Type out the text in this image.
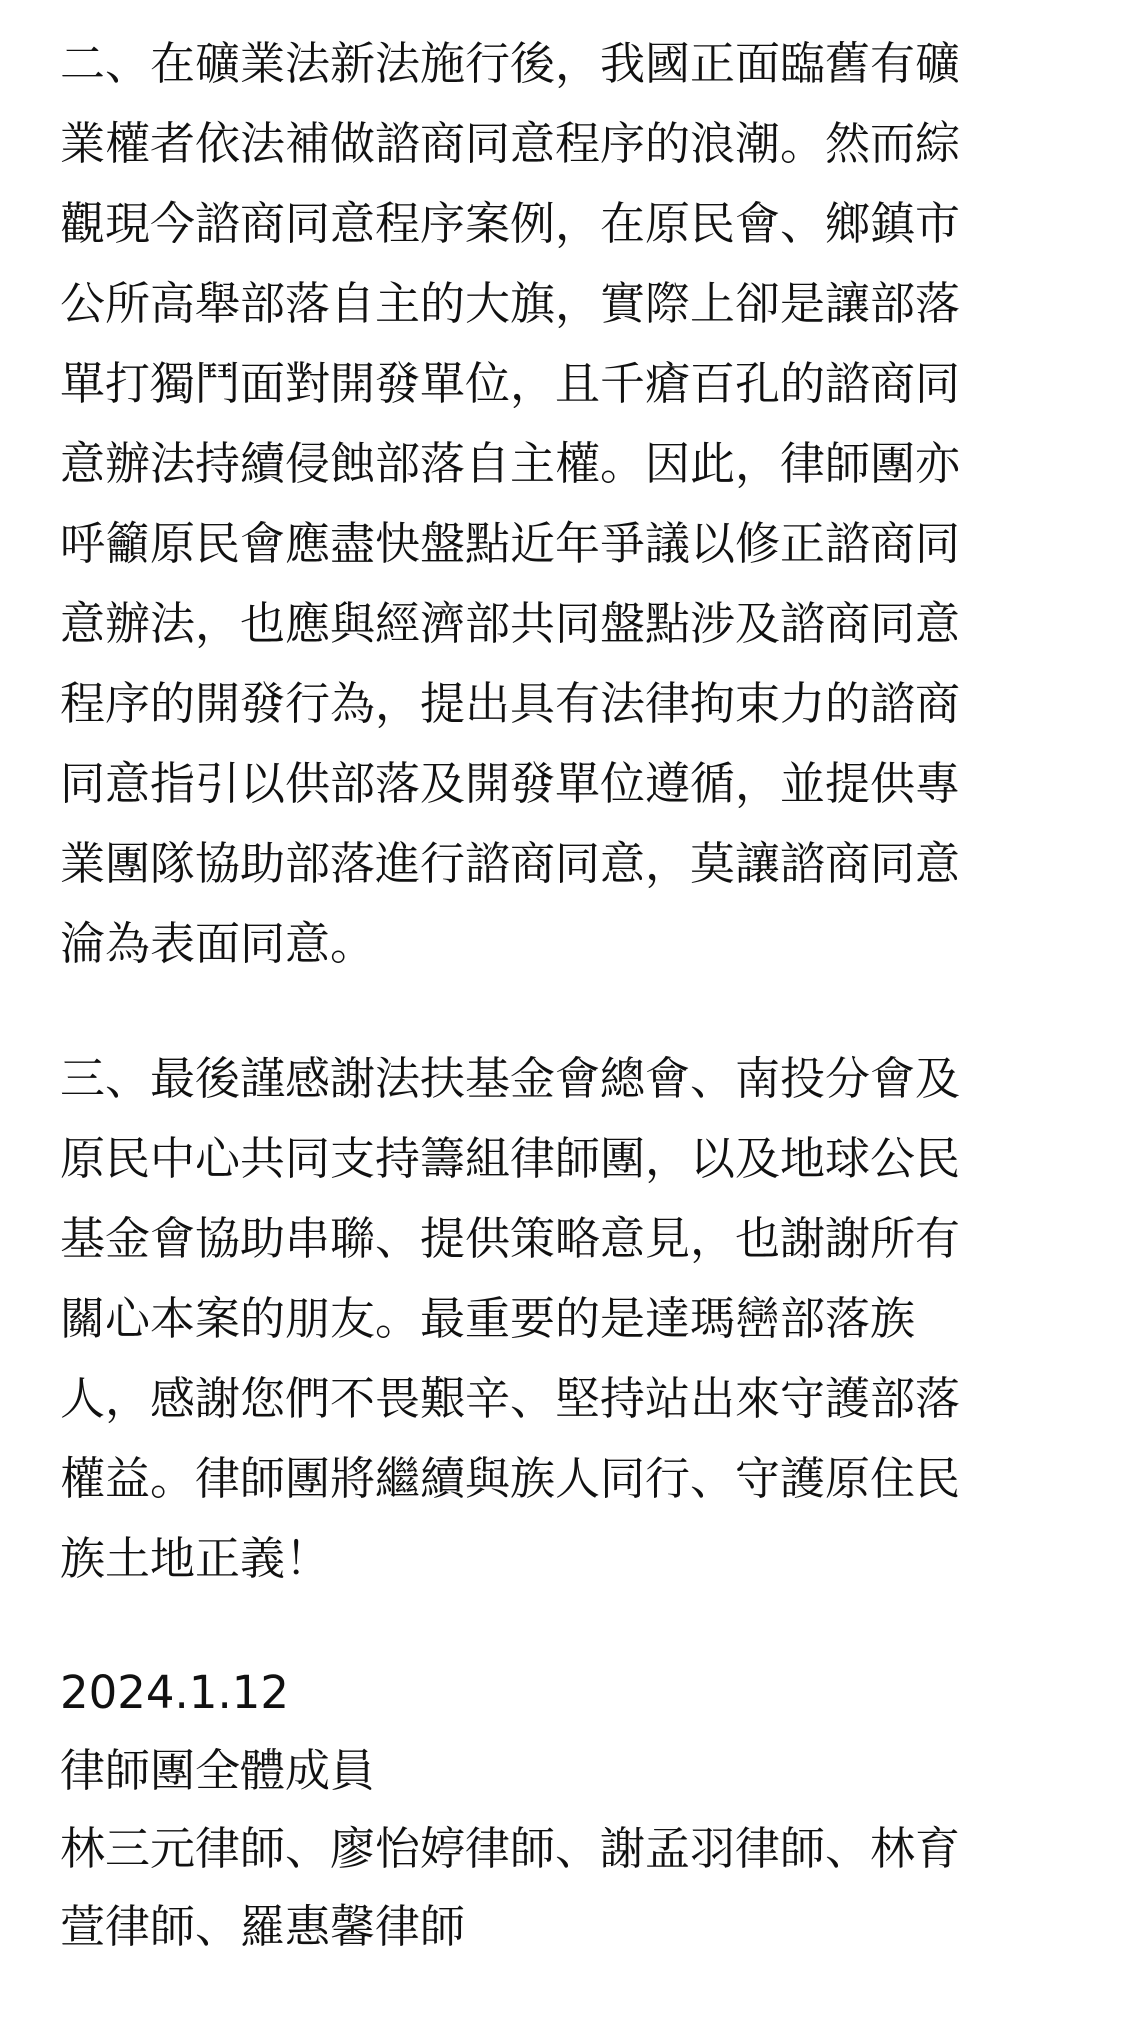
二、在礦業法新法施行後，我國正面臨舊有礦
業權者依法補做諮商同意程序的浪潮。然而綜
觀現今諮商同意程序案例，在原民會、鄉鎮市
公所高舉部落自主的大旗，實際上卻是讓部落
單打獨鬥面對開發單位，且千瘡百孔的諮商同
意辦法持續侵蝕部落自主權。因此，律師團亦
呼籲原民會應盡快盤點近年爭議以修正諮商同
意辦法，也應與經濟部共同盤點涉及諮商同意
程序的開發行為，提出具有法律拘束力的諮商
同意指引以供部落及開發單位遵循，並提供專
業團隊協助部落進行諮商同意，莫讓諮商同意
淪為表面同意。
三、最後謹感謝法扶基金會總會、南投分會及
原民中心共同支持籌組律師團，以及地球公民
基金會協助串聯、提供策略意見，也謝謝所有
關心本案的朋友。最重要的是達瑪巒部落族
人，感謝您們不畏艱辛、堅持站出來守護部落
權益。律師團將繼續與族人同行、守護原住民
族土地正義！
2024.1.12
律師團全體成員
林三元律師、廖怡婷律師、謝孟羽律師、林育
萱律師、羅惠馨律師
